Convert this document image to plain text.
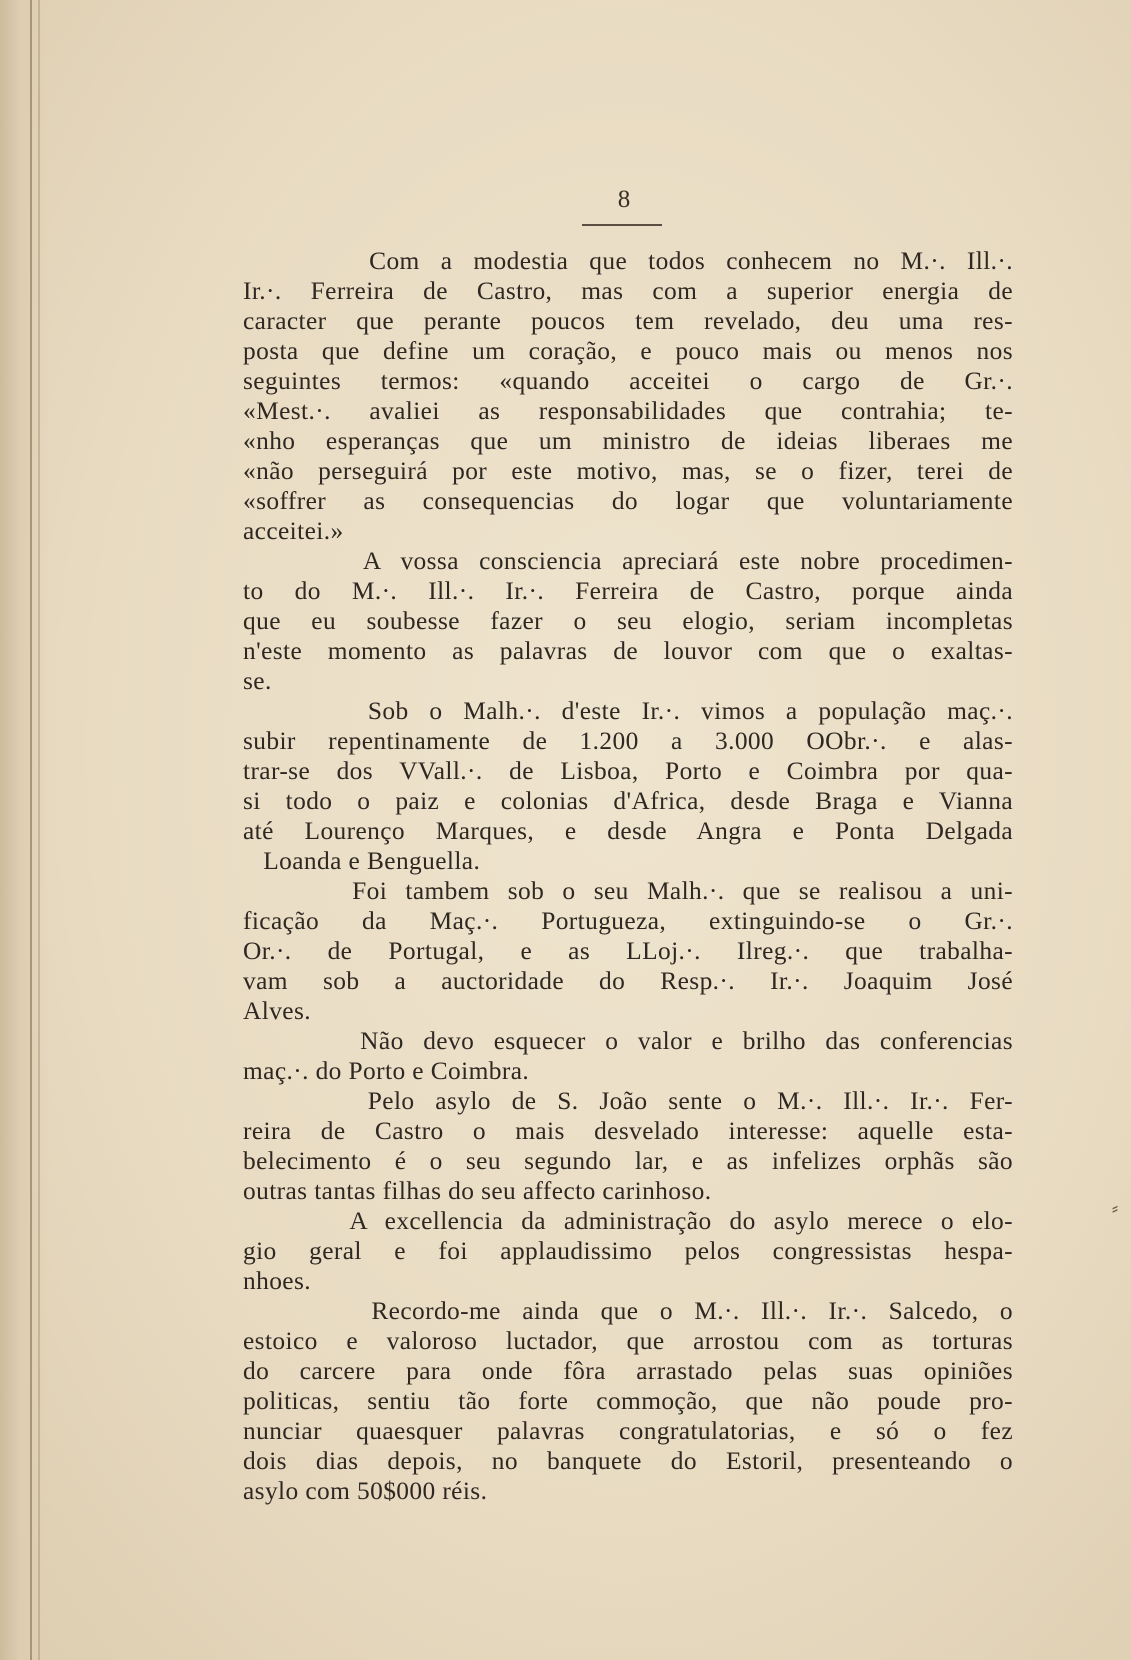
8

Com a modestia que todos conhecem no M.·. Ill.·.
Ir.·. Ferreira de Castro, mas com a superior energia de
caracter que perante poucos tem revelado, deu uma res-
posta que define um coração, e pouco mais ou menos nos
seguintes termos: «quando acceitei o cargo de Gr.·.
«Mest.·. avaliei as responsabilidades que contrahia; te-
«nho esperanças que um ministro de ideias liberaes me
«não perseguirá por este motivo, mas, se o fizer, terei de
«soffrer as consequencias do logar que voluntariamente
acceitei.»

A vossa consciencia apreciará este nobre procedimen-
to do M.·. Ill.·. Ir.·. Ferreira de Castro, porque ainda
que eu soubesse fazer o seu elogio, seriam incompletas
n'este momento as palavras de louvor com que o exaltas-
se.

Sob o Malh.·. d'este Ir.·. vimos a população maç.·.
subir repentinamente de 1.200 a 3.000 OObr.·. e alas-
trar-se dos VVall.·. de Lisboa, Porto e Coimbra por qua-
si todo o paiz e colonias d'Africa, desde Braga e Vianna
até Lourenço Marques, e desde Angra e Ponta Delgada
Loanda e Benguella.

Foi tambem sob o seu Malh.·. que se realisou a uni-
ficação da Maç.·. Portugueza, extinguindo-se o Gr.·.
Or.·. de Portugal, e as LLoj.·. Ilreg.·. que trabalha-
vam sob a auctoridade do Resp.·. Ir.·. Joaquim José
Alves.

Não devo esquecer o valor e brilho das conferencias
maç.·. do Porto e Coimbra.

Pelo asylo de S. João sente o M.·. Ill.·. Ir.·. Fer-
reira de Castro o mais desvelado interesse: aquelle esta-
belecimento é o seu segundo lar, e as infelizes orphãs são
outras tantas filhas do seu affecto carinhoso.

A excellencia da administração do asylo merece o elo-
gio geral e foi applaudissimo pelos congressistas hespa-
nhoes.

Recordo-me ainda que o M.·. Ill.·. Ir.·. Salcedo, o
estoico e valoroso luctador, que arrostou com as torturas
do carcere para onde fôra arrastado pelas suas opiniões
politicas, sentiu tão forte commoção, que não poude pro-
nunciar quaesquer palavras congratulatorias, e só o fez
dois dias depois, no banquete do Estoril, presenteando o
asylo com 50$000 réis.

⸗
